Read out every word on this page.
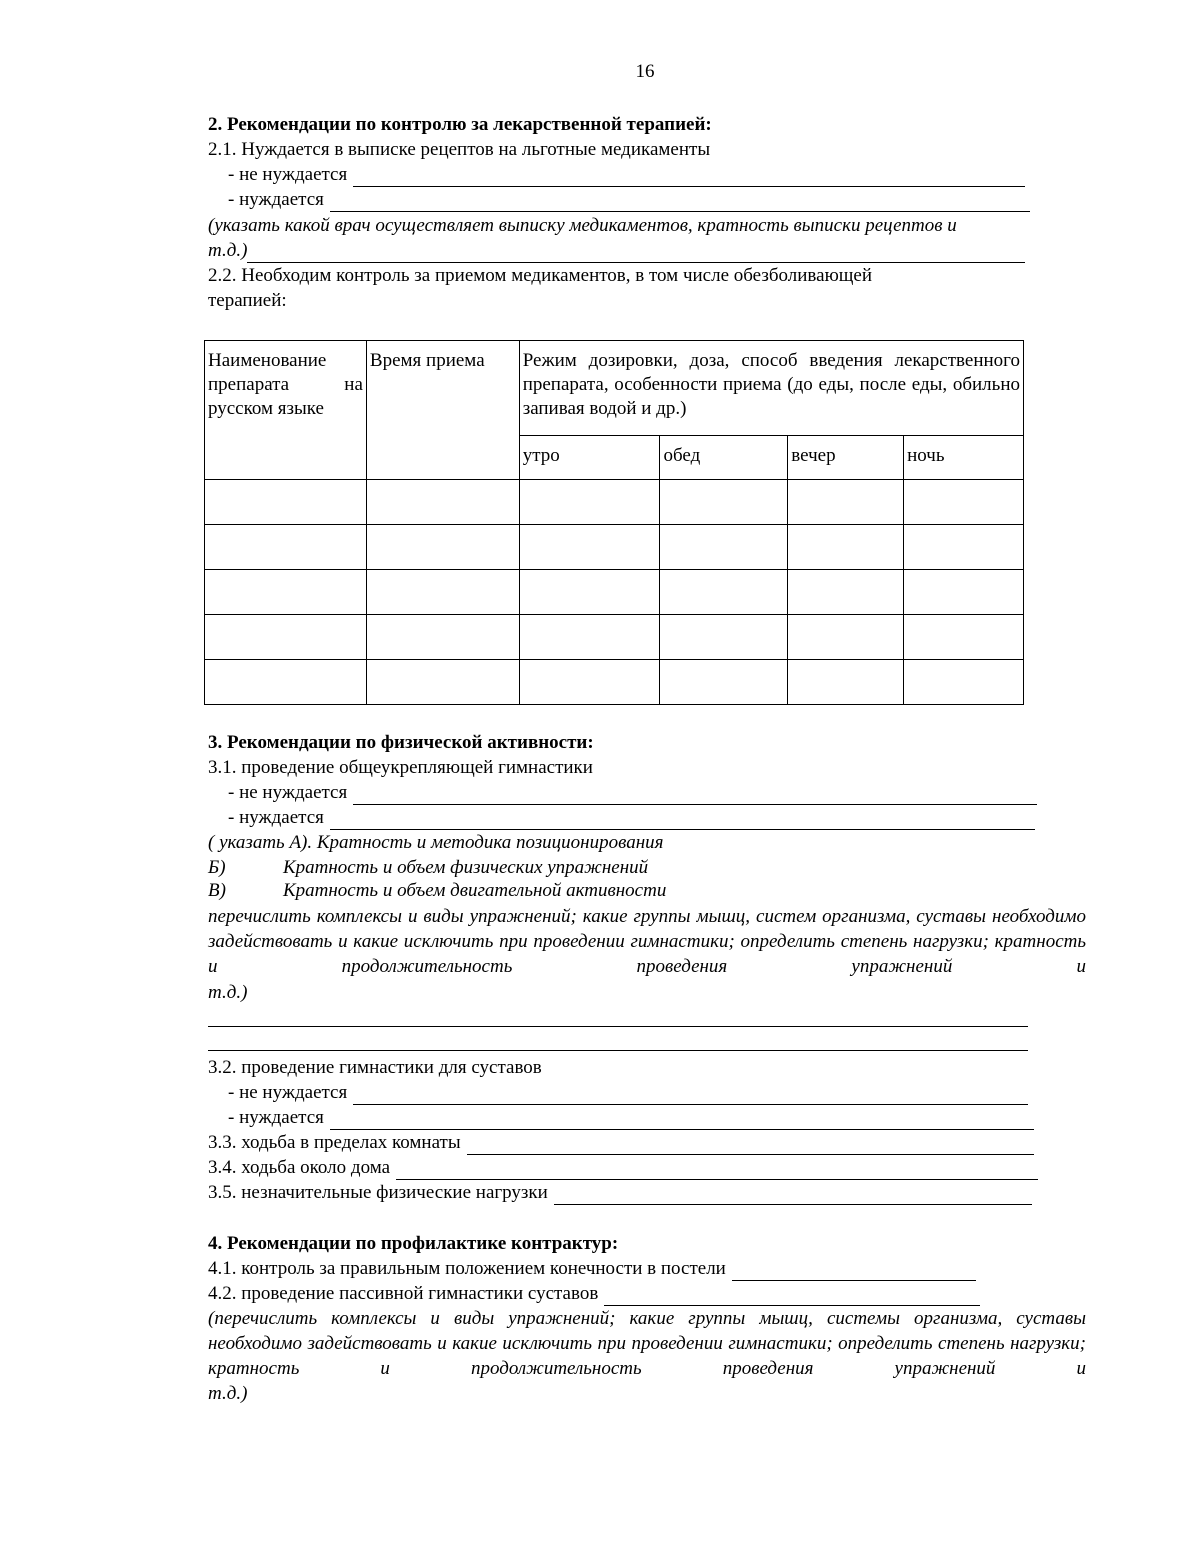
16
2. Рекомендации по контролю за лекарственной терапией:
2.1. Нуждается в выписке рецептов на льготные медикаменты
- не нуждается
- нуждается
(указать какой врач осуществляет выписку медикаментов, кратность выписки рецептов и
т.д.)
2.2. Необходим контроль за приемом медикаментов, в том числе обезболивающей
терапией:
Наименование
препарата на
русском языке	Время приема	Режим дозировки, доза, способ введения лекарственного препарата, особенности приема (до еды, после еды, обильно запивая водой и др.)			
		утро	обед	вечер	ночь

3. Рекомендации по физической активности:
3.1. проведение общеукрепляющей гимнастики
- не нуждается
- нуждается
( указать А). Кратность и методика позиционирования
Б)	Кратность и объем физических упражнений
В)	Кратность и объем двигательной активности
перечислить комплексы и виды упражнений; какие группы мышц, систем организма, суставы необходимо задействовать и какие исключить при проведении гимнастики; определить степень нагрузки; кратность и продолжительность проведения упражнений и
т.д.)
3.2. проведение гимнастики для суставов
- не нуждается
- нуждается
3.3. ходьба в пределах комнаты
3.4. ходьба около дома
3.5. незначительные физические нагрузки
4. Рекомендации по профилактике контрактур:
4.1. контроль за правильным положением конечности в постели
4.2. проведение пассивной гимнастики суставов
(перечислить комплексы и виды упражнений; какие группы мышц, системы организма, суставы необходимо задействовать и какие исключить при проведении гимнастики; определить степень нагрузки; кратность и продолжительность проведения упражнений и
т.д.)
